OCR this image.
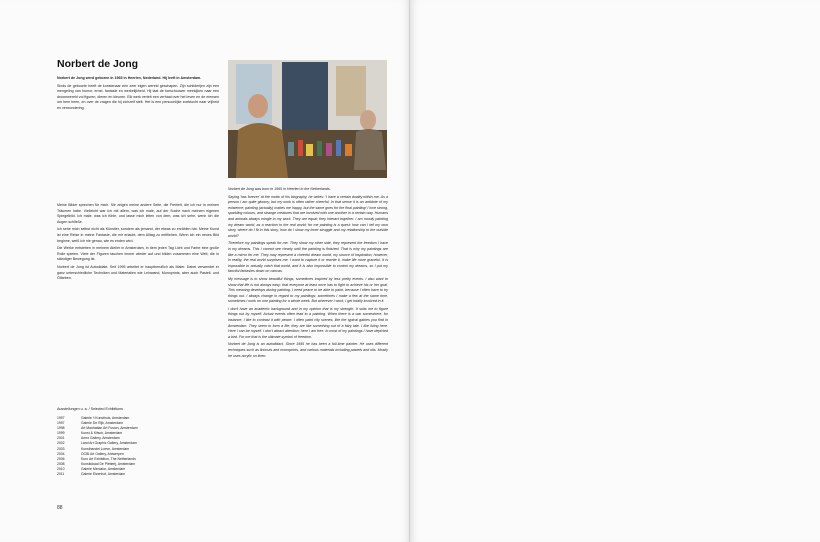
Norbert de Jong

Norbert de Jong werd geboren in 1965 in Heerlen, Nederland. Hij leeft in Amsterdam.

Sinds de geboorte heeft de kunstenaar een zeer eigen wereld geschapen. Zijn schilderijen zijn een mengeling van humor, ernst, fantasie en werkelijkheid. Hij laat de toeschouwer meekijken naar een droomwereld vol figuren, dieren en kleuren. Elk werk vertelt een verhaal over het leven en de mensen om hem heen, en over de vragen die hij zichzelf stelt. Het is een persoonlijke zoektocht naar vrijheid en verwondering.

Meine Bilder sprechen für mich. Sie zeigen meine andere Seite, die Freiheit, die ich nur in meinen Träumen habe. Vielleicht war ich mit allem, was ich male, auf der Suche nach meinem eigenen Spiegelbild. Ich male, was ich fühle, und lasse mich leiten von dem, was ich sehe, wenn ich die Augen schließe.

Ich sehe mich selbst nicht als Künstler, sondern als jemand, der etwas zu erzählen hat. Meine Kunst ist eine Reise in meine Fantasie, die mir erlaubt, dem Alltag zu entfliehen. Wenn ich ein neues Bild beginne, weiß ich nie genau, wie es enden wird.

Die Werke entstehen in meinem Atelier in Amsterdam, in dem jeden Tag Licht und Farbe eine große Rolle spielen. Viele der Figuren tauchen immer wieder auf und bilden zusammen eine Welt, die in ständiger Bewegung ist.

Norbert de Jong ist Autodidakt. Seit 1995 arbeitet er hauptberuflich als Maler. Dabei verwendet er ganz unterschiedliche Techniken und Materialien wie Leinwand, Monoprints, aber auch Pastell- und Ölfarben.

Ausstellungen u. a. / Selected Exhibitions
1997	Galerie 't Kunsthuis, Amsterdam
1997	Galerie De Rijk, Amsterdam
1998	Art Manhattan Art Fusion, Amsterdam
1999	Kunst & Kitsch, Amsterdam
2001	Amro Gallery, Amsterdam
2002	Land Art Graphic Gallery, Amsterdam
2003	Kunsthandel Loeve, Amsterdam
2004	OCBI Art Gallery, Antwerpen
2006	Euro Art Exhibition, The Netherlands
2008	Kunstlokaal De Pletterij, Amsterdam
2010	Galerie Mercator, Amsterdam
2011	Galerie Elzenhof, Amsterdam
88

Norbert de Jong was born in 1965 in Heerlen in the Netherlands.

Saying 'has forever' at the motto of his biography, he writes: 'I have a certain duality within me. As a person I am quite gloomy, but my work is often rather cheerful. In that sense it is an antidote of my existence; painting (actually) makes me happy, but the same goes for the final painting! I love strong, sparkling colours, and strange creatures that are involved with one another in a certain way. Humans and animals always mingle in my work. They are equal; they interact together. I am mostly painting my dream world, as a reaction to the real world; for me painting is a quest: how can I tell my own story, where do I fit in this story, how do I show my inner struggle and my relationship to the outside world?

Therefore my paintings speak for me. They show my other side, they represent the freedom I have in my dreams. This I cannot see clearly until the painting is finished. That is why my paintings are like a mirror for me. They may represent a cheerful dream world, my source of inspiration; however, in reality, the real world surprises me. I want to capture it or rewrite it, make life more graceful. It is impossible to actually catch that world, and it is also impossible to control my dreams, so I put my fanciful fantasies down on canvas.

My message is to show beautiful things, sometimes inspired by less pretty events. I also want to show that life is not always easy: that everyone at least once has to fight to achieve his or her goal. This meaning develops during painting. I need peace to be able to paint, because I often have to try things out. I always change in regard to my paintings; sometimes I make a few at the same time, sometimes I work on one painting for a whole week. But wherever I work, I get totally involved in it.

I don't have an academic background and in my opinion that is my strength. It suits me to figure things out by myself. Actual events often lead to a painting. When there is a war somewhere, for instance, I like to contrast it with peace. I often paint city scenes, like the typical gables you find in Amsterdam. They seem to form a life; they are like something out of a fairy tale. I like living here. Here I can be myself. I don't attract attention; here I am free. In most of my paintings I have depicted a bird. For me that is the ultimate symbol of freedom.

Norbert de Jong is an autodidact. Since 1995 he has been a full-time painter. He uses different techniques such as linocuts and monoprints, and various materials including pastels and oils. Mostly he uses acrylic on linen.
